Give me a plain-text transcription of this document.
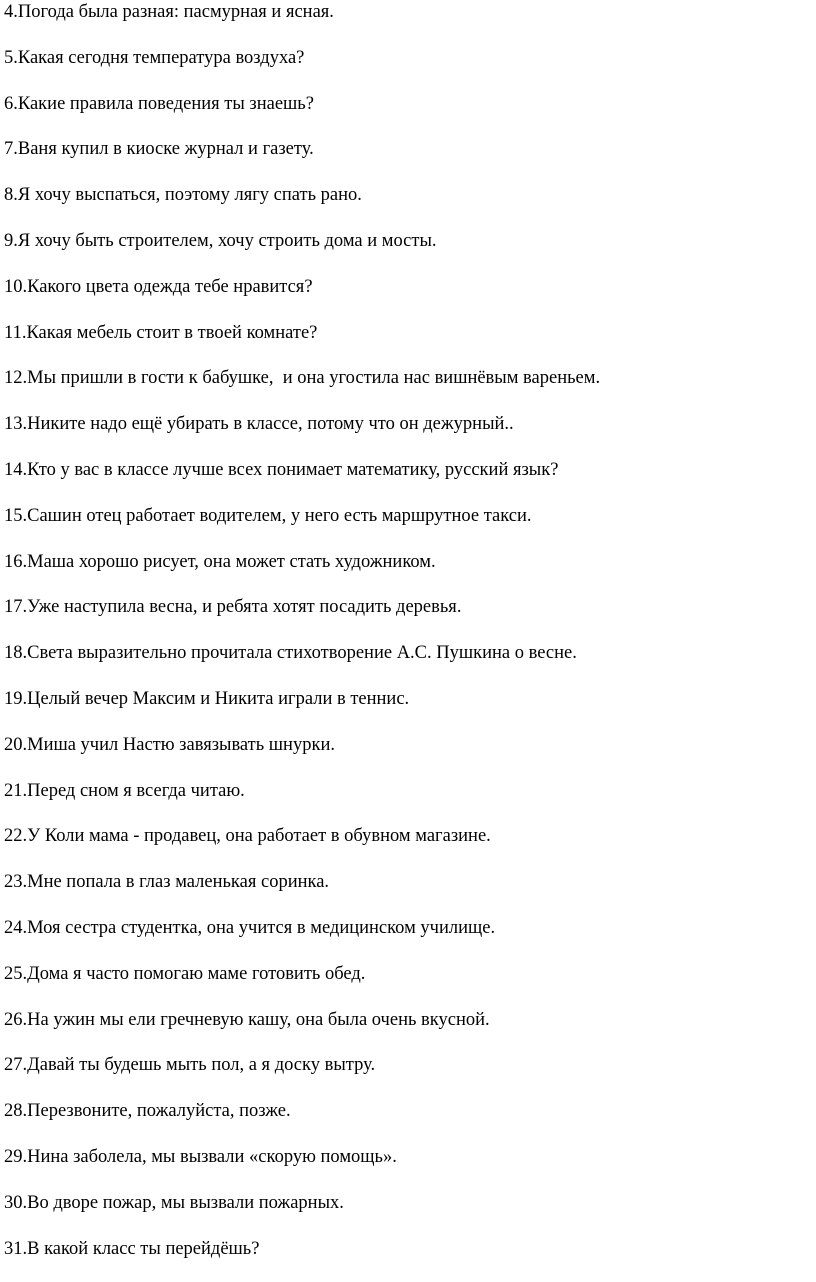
4.Погода была разная: пасмурная и ясная.
5.Какая сегодня температура воздуха?
6.Какие правила поведения ты знаешь?
7.Ваня купил в киоске журнал и газету.
8.Я хочу выспаться, поэтому лягу спать рано.
9.Я хочу быть строителем, хочу строить дома и мосты.
10.Какого цвета одежда тебе нравится?
11.Какая мебель стоит в твоей комнате?
12.Мы пришли в гости к бабушке,  и она угостила нас вишнёвым вареньем.
13.Никите надо ещё убирать в классе, потому что он дежурный..
14.Кто у вас в классе лучше всех понимает математику, русский язык?
15.Сашин отец работает водителем, у него есть маршрутное такси.
16.Маша хорошо рисует, она может стать художником.
17.Уже наступила весна, и ребята хотят посадить деревья.
18.Света выразительно прочитала стихотворение А.С. Пушкина о весне.
19.Целый вечер Максим и Никита играли в теннис.
20.Миша учил Настю завязывать шнурки.
21.Перед сном я всегда читаю.
22.У Коли мама - продавец, она работает в обувном магазине.
23.Мне попала в глаз маленькая соринка.
24.Моя сестра студентка, она учится в медицинском училище.
25.Дома я часто помогаю маме готовить обед.
26.На ужин мы ели гречневую кашу, она была очень вкусной.
27.Давай ты будешь мыть пол, а я доску вытру.
28.Перезвоните, пожалуйста, позже.
29.Нина заболела, мы вызвали «скорую помощь».
30.Во дворе пожар, мы вызвали пожарных.
31.В какой класс ты перейдёшь?
